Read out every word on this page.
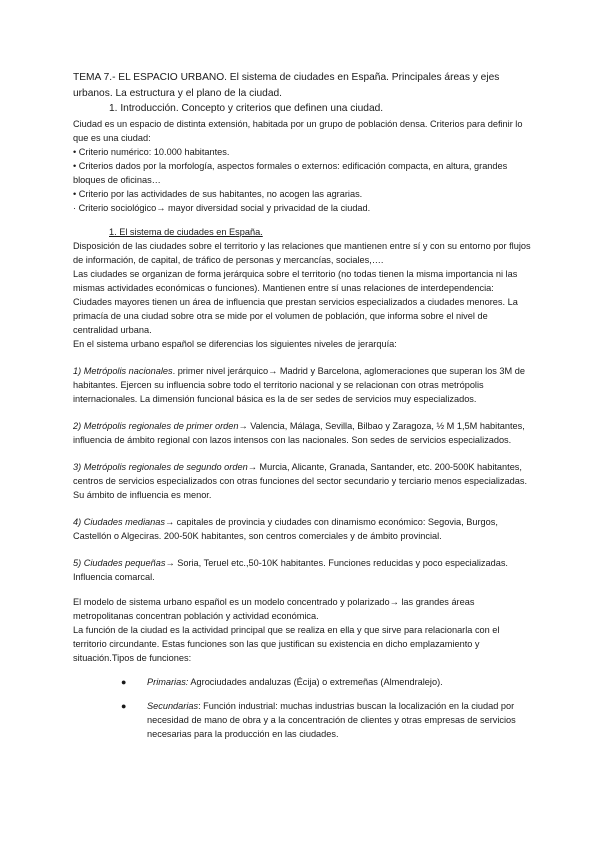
TEMA 7.- EL ESPACIO URBANO. El sistema de ciudades en España. Principales áreas y ejes urbanos. La estructura y el plano de la ciudad.

1. Introducción. Concepto y criterios que definen una ciudad.

Ciudad es un espacio de distinta extensión, habitada por un grupo de población densa. Criterios para definir lo que es una ciudad:

• Criterio numérico: 10.000 habitantes.

• Criterios dados por la morfología, aspectos formales o externos: edificación compacta, en altura, grandes bloques de oficinas…

• Criterio por las actividades de sus habitantes, no acogen las agrarias.

· Criterio sociológico→ mayor diversidad social y privacidad de la ciudad.

1. El sistema de ciudades en España.

Disposición de las ciudades sobre el territorio y las relaciones que mantienen entre sí y con su entorno por flujos de información, de capital, de tráfico de personas y mercancías, sociales,….

Las ciudades se organizan de forma jerárquica sobre el territorio (no todas tienen la misma importancia ni las mismas actividades económicas o funciones). Mantienen entre sí unas relaciones de interdependencia:

Ciudades mayores tienen un área de influencia que prestan servicios especializados a ciudades menores. La primacía de una ciudad sobre otra se mide por el volumen de población, que informa sobre el nivel de centralidad urbana.

En el sistema urbano español se diferencias los siguientes niveles de jerarquía:

1) Metrópolis nacionales. primer nivel jerárquico→ Madrid y Barcelona, aglomeraciones que superan los 3M de habitantes. Ejercen su influencia sobre todo el territorio nacional y se relacionan con otras metrópolis internacionales. La dimensión funcional básica es la de ser sedes de servicios muy especializados.

2) Metrópolis regionales de primer orden→ Valencia, Málaga, Sevilla, Bilbao y Zaragoza, ½ M 1,5M habitantes, influencia de ámbito regional con lazos intensos con las nacionales. Son sedes de servicios especializados.

3) Metrópolis regionales de segundo orden→ Murcia, Alicante, Granada, Santander, etc. 200-500K habitantes, centros de servicios especializados con otras funciones del sector secundario y terciario menos especializadas. Su ámbito de influencia es menor.

4) Ciudades medianas→ capitales de provincia y ciudades con dinamismo económico: Segovia, Burgos, Castellón o Algeciras. 200-50K habitantes, son centros comerciales y de ámbito provincial.

5) Ciudades pequeñas→ Soria, Teruel etc.,50-10K habitantes. Funciones reducidas y poco especializadas. Influencia comarcal.

El modelo de sistema urbano español es un modelo concentrado y polarizado→ las grandes áreas metropolitanas concentran población y actividad económica.

La función de la ciudad es la actividad principal que se realiza en ella y que sirve para relacionarla con el territorio circundante. Estas funciones son las que justifican su existencia en dicho emplazamiento y situación.Tipos de funciones:

● Primarias: Agrociudades andaluzas (Écija) o extremeñas (Almendralejo).
● Secundarias: Función industrial: muchas industrias buscan la localización en la ciudad por necesidad de mano de obra y a la concentración de clientes y otras empresas de servicios necesarias para la producción en las ciudades.
